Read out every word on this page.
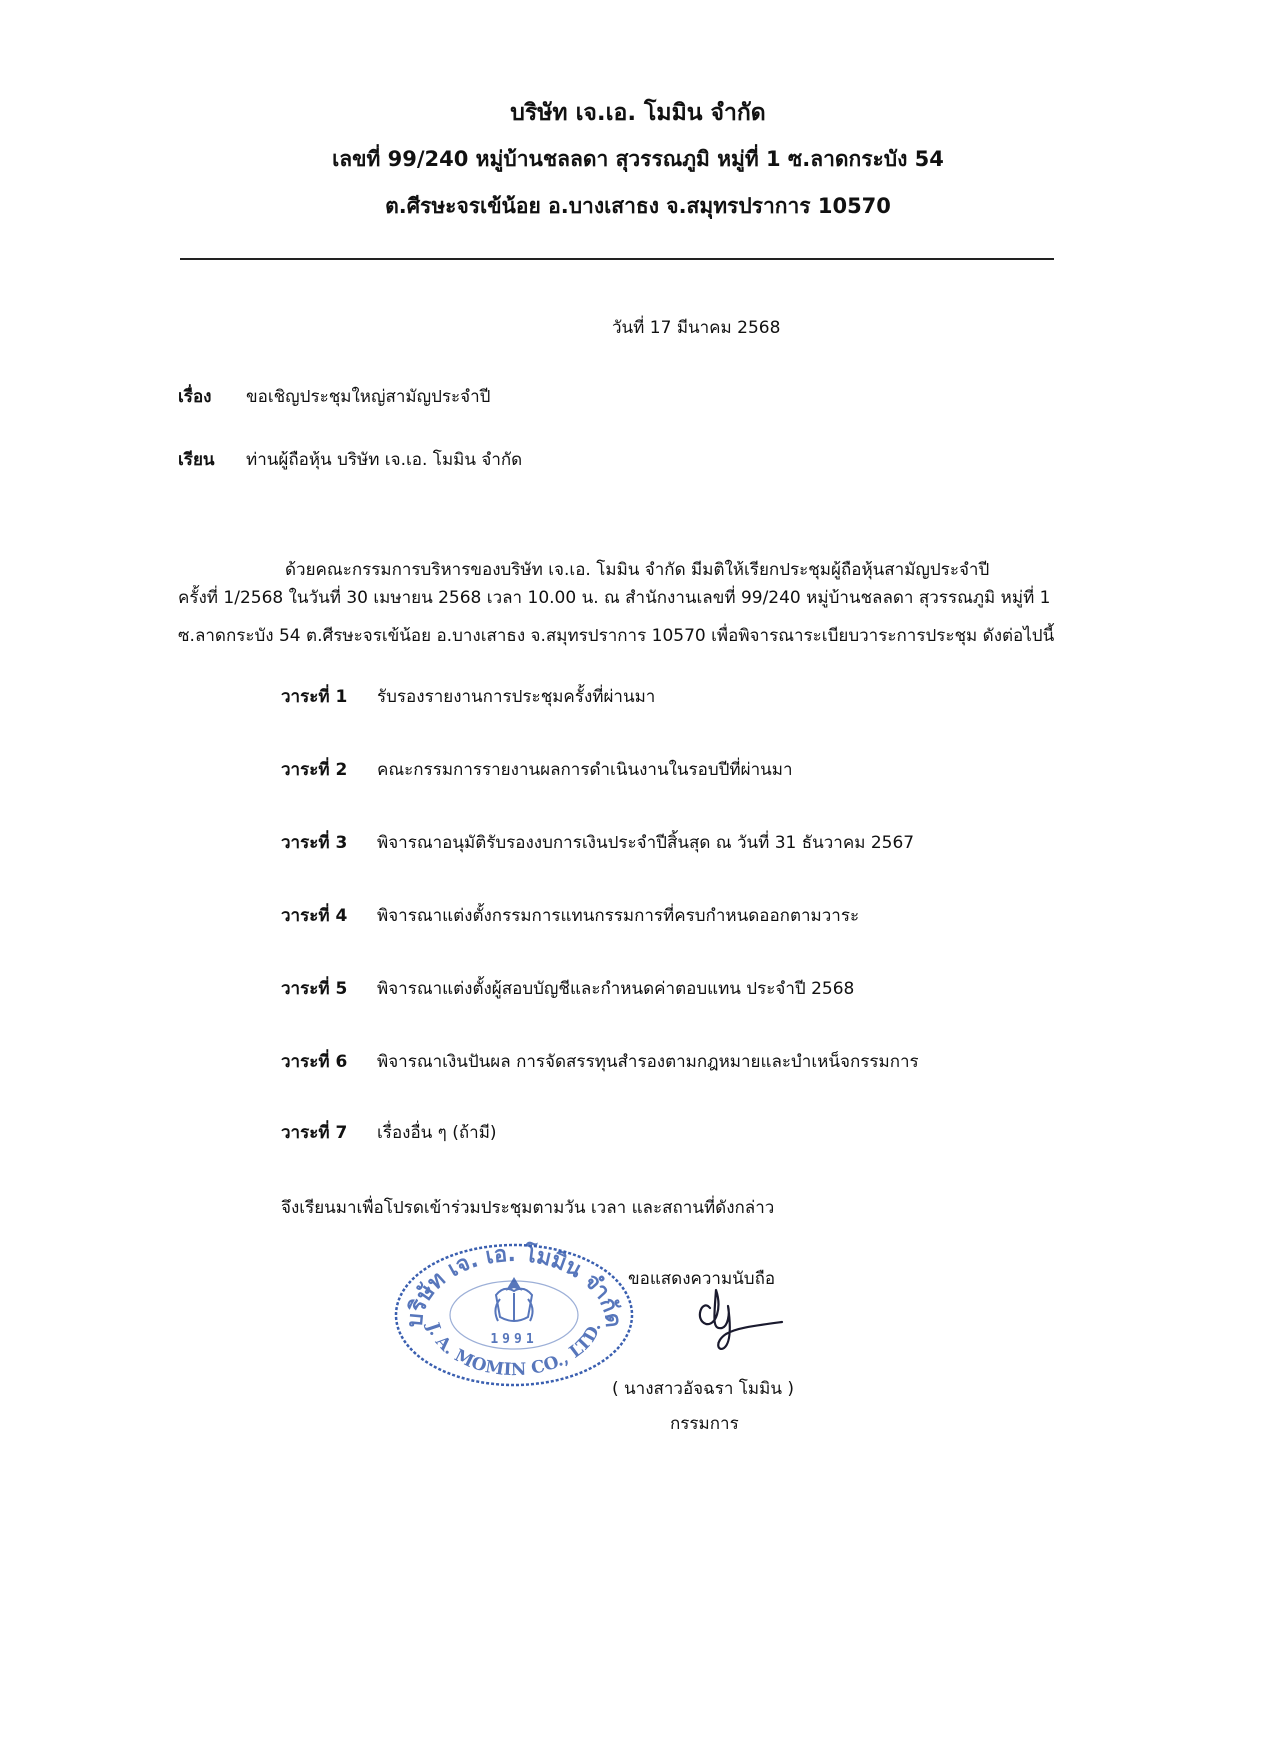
บริษัท เจ.เอ. โมมิน จำกัด
เลขที่ 99/240 หมู่บ้านชลลดา สุวรรณภูมิ หมู่ที่ 1 ซ.ลาดกระบัง 54
ต.ศีรษะจรเข้น้อย อ.บางเสาธง จ.สมุทรปราการ 10570
วันที่ 17 มีนาคม 2568
เรื่อง ขอเชิญประชุมใหญ่สามัญประจำปี
เรียน ท่านผู้ถือหุ้น บริษัท เจ.เอ. โมมิน จำกัด
ด้วยคณะกรรมการบริหารของบริษัท เจ.เอ. โมมิน จำกัด มีมติให้เรียกประชุมผู้ถือหุ้นสามัญประจำปี
ครั้งที่ 1/2568 ในวันที่ 30 เมษายน 2568 เวลา 10.00 น. ณ สำนักงานเลขที่ 99/240 หมู่บ้านชลลดา สุวรรณภูมิ หมู่ที่ 1
ซ.ลาดกระบัง 54 ต.ศีรษะจรเข้น้อย อ.บางเสาธง จ.สมุทรปราการ 10570 เพื่อพิจารณาระเบียบวาระการประชุม ดังต่อไปนี้
วาระที่ 1 รับรองรายงานการประชุมครั้งที่ผ่านมา
วาระที่ 2 คณะกรรมการรายงานผลการดำเนินงานในรอบปีที่ผ่านมา
วาระที่ 3 พิจารณาอนุมัติรับรองงบการเงินประจำปีสิ้นสุด ณ วันที่ 31 ธันวาคม 2567
วาระที่ 4 พิจารณาแต่งตั้งกรรมการแทนกรรมการที่ครบกำหนดออกตามวาระ
วาระที่ 5 พิจารณาแต่งตั้งผู้สอบบัญชีและกำหนดค่าตอบแทน ประจำปี 2568
วาระที่ 6 พิจารณาเงินปันผล การจัดสรรทุนสำรองตามกฎหมายและบำเหน็จกรรมการ
วาระที่ 7 เรื่องอื่น ๆ (ถ้ามี)
จึงเรียนมาเพื่อโปรดเข้าร่วมประชุมตามวัน เวลา และสถานที่ดังกล่าว
บริษัท เจ. เอ. โมมิน จำกัด
J. A. MOMIN CO., LTD.
1991
ขอแสดงความนับถือ
( นางสาวอัจฉรา โมมิน )
กรรมการ
